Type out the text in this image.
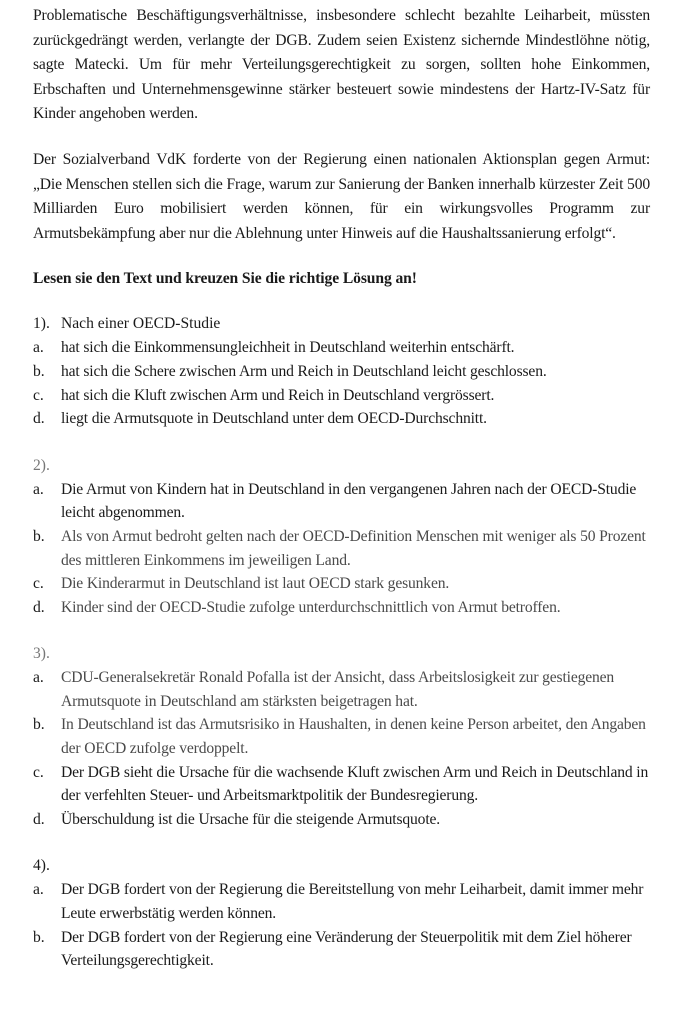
Problematische Beschäftigungsverhältnisse, insbesondere schlecht bezahlte Leiharbeit, müssten zurückgedrängt werden, verlangte der DGB. Zudem seien Existenz sichernde Mindestlöhne nötig, sagte Matecki. Um für mehr Verteilungsgerechtigkeit zu sorgen, sollten hohe Einkommen, Erbschaften und Unternehmensgewinne stärker besteuert sowie mindestens der Hartz-IV-Satz für Kinder angehoben werden.

Der Sozialverband VdK forderte von der Regierung einen nationalen Aktionsplan gegen Armut: „Die Menschen stellen sich die Frage, warum zur Sanierung der Banken innerhalb kürzester Zeit 500 Milliarden Euro mobilisiert werden können, für ein wirkungsvolles Programm zur Armutsbekämpfung aber nur die Ablehnung unter Hinweis auf die Haushaltssanierung erfolgt“.

Lesen sie den Text und kreuzen Sie die richtige Lösung an!

1). Nach einer OECD-Studie
a.	hat sich die Einkommensungleichheit in Deutschland weiterhin entschärft.
b.	hat sich die Schere zwischen Arm und Reich in Deutschland leicht geschlossen.
c.	hat sich die Kluft zwischen Arm und Reich in Deutschland vergrössert.
d.	liegt die Armutsquote in Deutschland unter dem OECD-Durchschnitt.
2).
a.	Die Armut von Kindern hat in Deutschland in den vergangenen Jahren nach der OECD-Studie leicht abgenommen.
b.	Als von Armut bedroht gelten nach der OECD-Definition Menschen mit weniger als 50 Prozent des mittleren Einkommens im jeweiligen Land.
c.	Die Kinderarmut in Deutschland ist laut OECD stark gesunken.
d.	Kinder sind der OECD-Studie zufolge unterdurchschnittlich von Armut betroffen.
3).
a.	CDU-Generalsekretär Ronald Pofalla ist der Ansicht, dass Arbeitslosigkeit zur gestiegenen Armutsquote in Deutschland am stärksten beigetragen hat.
b.	In Deutschland ist das Armutsrisiko in Haushalten, in denen keine Person arbeitet, den Angaben der OECD zufolge verdoppelt.
c.	Der DGB sieht die Ursache für die wachsende Kluft zwischen Arm und Reich in Deutschland in der verfehlten Steuer- und Arbeitsmarktpolitik der Bundesregierung.
d.	Überschuldung ist die Ursache für die steigende Armutsquote.
4).
a.	Der DGB fordert von der Regierung die Bereitstellung von mehr Leiharbeit, damit immer mehr Leute erwerbstätig werden können.
b.	Der DGB fordert von der Regierung eine Veränderung der Steuerpolitik mit dem Ziel höherer Verteilungsgerechtigkeit.
